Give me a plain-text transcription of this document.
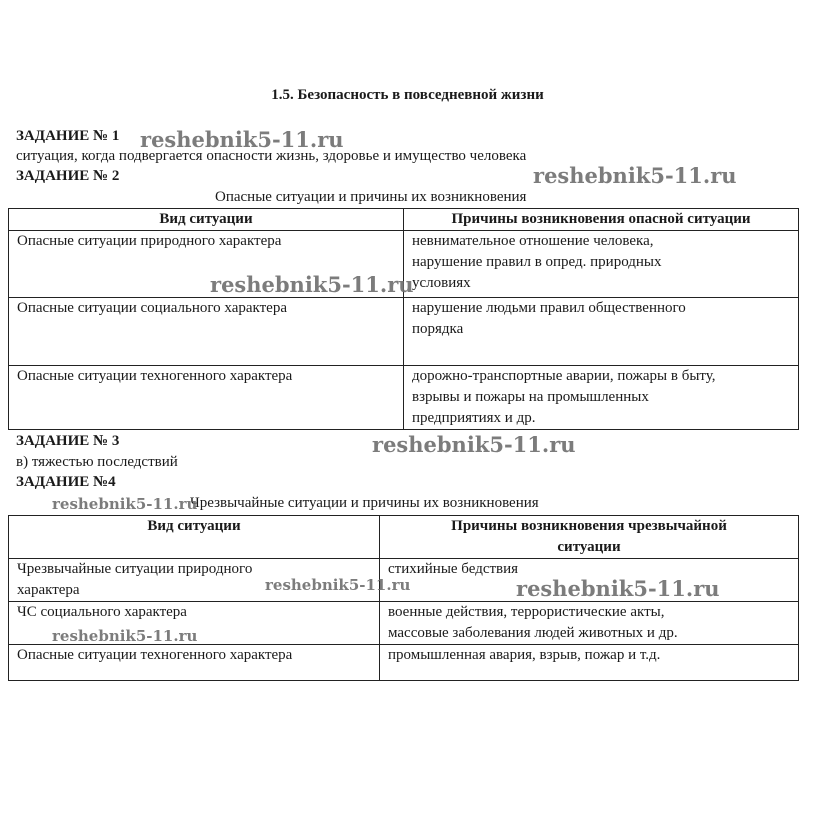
1.5. Безопасность в повседневной жизни
ЗАДАНИЕ № 1
ситуация, когда подвергается опасности жизнь, здоровье и имущество человека
ЗАДАНИЕ № 2
Опасные ситуации и причины их возникновения
Вид ситуации	Причины возникновения опасной ситуации
Опасные ситуации природного характера	невнимательное отношение человека,
нарушение правил в опред. природных
условиях

Опасные ситуации социального характера	нарушение людьми правил общественного
порядка

Опасные ситуации техногенного характера	дорожно-транспортные аварии, пожары в быту,
взрывы и пожары на промышленных
предприятиях и др.
ЗАДАНИЕ № 3
в) тяжестью последствий
ЗАДАНИЕ №4
Чрезвычайные ситуации и причины их возникновения
Вид ситуации	Причины возникновения чрезвычайной
ситуации

Чрезвычайные ситуации природного
характера	стихийные бедствия

ЧС социального характера	военные действия, террористические акты,
массовые заболевания людей животных и др.

Опасные ситуации техногенного характера	промышленная авария, взрыв, пожар и т.д.
reshebnik5-11.ru
reshebnik5-11.ru
reshebnik5-11.ru
reshebnik5-11.ru
reshebnik5-11.ru
reshebnik5-11.ru	reshebnik5-11.ru
reshebnik5-11.ru
